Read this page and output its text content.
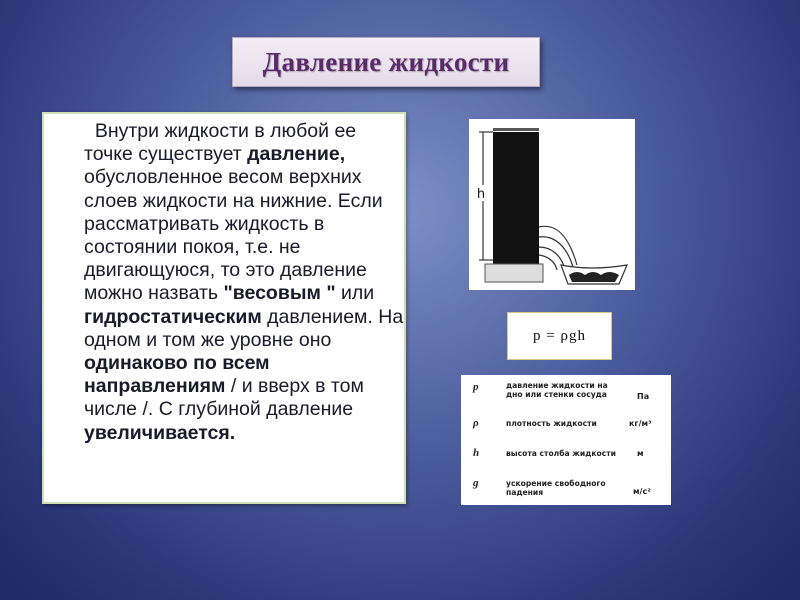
Давление жидкости
Внутри жидкости в любой ее точке существует давление, обусловленное весом верхних слоев жидкости на нижние. Если рассматривать жидкость в состоянии покоя, т.е. не двигающуюся, то это давление можно назвать "весовым " или гидростатическим давлением. На одном и том же уровне оно одинаково по всем направлениям / и вверх в том числе /. С глубиной давление увеличивается.
h
p = ρgh
p	давление жидкости на дно или стенки сосуда	Па
ρ	плотность жидкости	кг/м³
h	высота столба жидкости	м
g	ускорение свободного падения	м/с²
